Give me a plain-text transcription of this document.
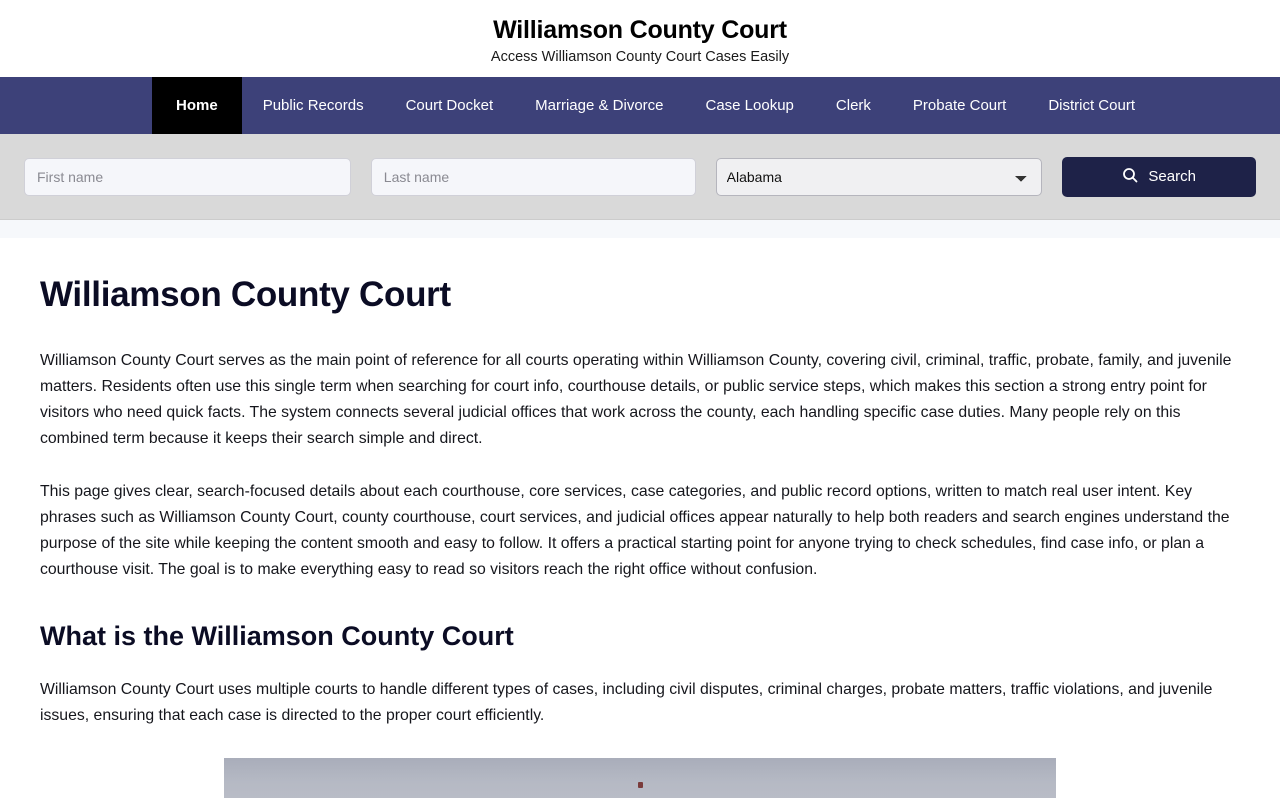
Williamson County Court

Access Williamson County Court Cases Easily

Home	Public Records	Court Docket	Marriage & Divorce	Case Lookup	Clerk	Probate Court	District Court
First name
Last name
Alabama
Search
Williamson County Court

Williamson County Court serves as the main point of reference for all courts operating within Williamson County, covering civil, criminal, traffic, probate, family, and juvenile matters. Residents often use this single term when searching for court info, courthouse details, or public service steps, which makes this section a strong entry point for visitors who need quick facts. The system connects several judicial offices that work across the county, each handling specific case duties. Many people rely on this combined term because it keeps their search simple and direct.

This page gives clear, search-focused details about each courthouse, core services, case categories, and public record options, written to match real user intent. Key phrases such as Williamson County Court, county courthouse, court services, and judicial offices appear naturally to help both readers and search engines understand the purpose of the site while keeping the content smooth and easy to follow. It offers a practical starting point for anyone trying to check schedules, find case info, or plan a courthouse visit. The goal is to make everything easy to read so visitors reach the right office without confusion.

What is the Williamson County Court

Williamson County Court uses multiple courts to handle different types of cases, including civil disputes, criminal charges, probate matters, traffic violations, and juvenile issues, ensuring that each case is directed to the proper court efficiently.
